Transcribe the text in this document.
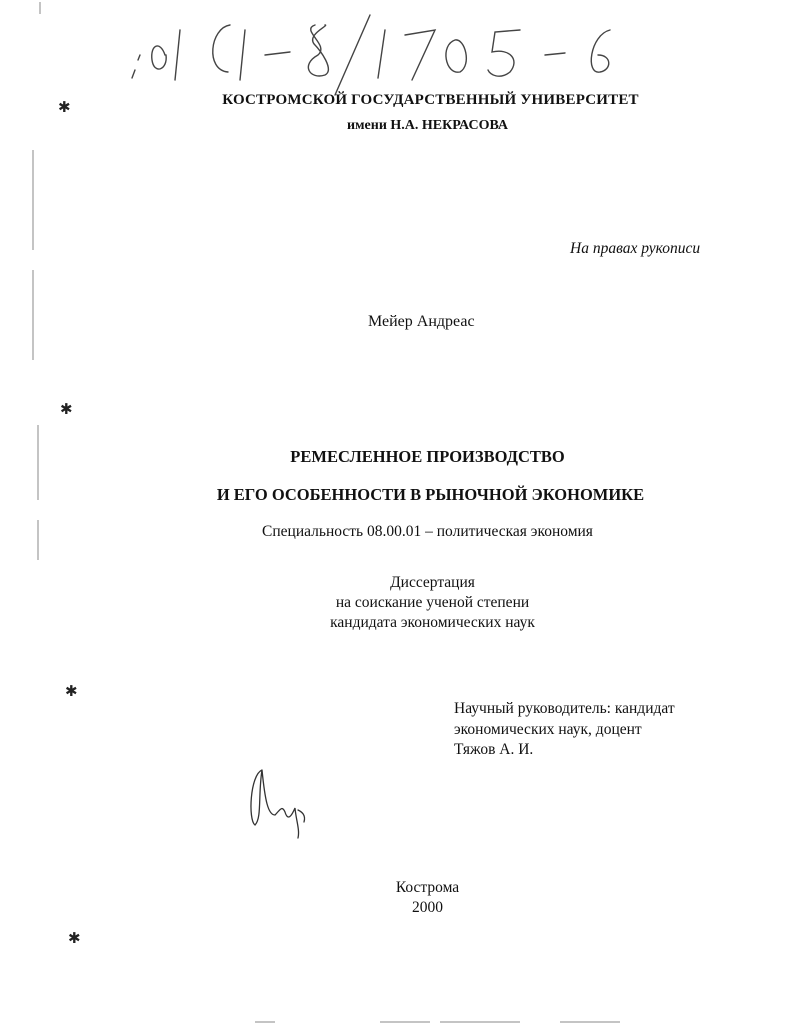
✱
✱
✱
✱
КОСТРОМСКОЙ ГОСУДАРСТВЕННЫЙ УНИВЕРСИТЕТ
имени Н.А. НЕКРАСОВА
На правах рукописи
Мейер Андреас
РЕМЕСЛЕННОЕ ПРОИЗВОДСТВО
И ЕГО ОСОБЕННОСТИ В РЫНОЧНОЙ ЭКОНОМИКЕ
Специальность 08.00.01 – политическая экономия
Диссертация
на соискание ученой степени
кандидата экономических наук
Научный руководитель: кандидат
экономических наук, доцент
Тяжов А. И.
Кострома
2000
